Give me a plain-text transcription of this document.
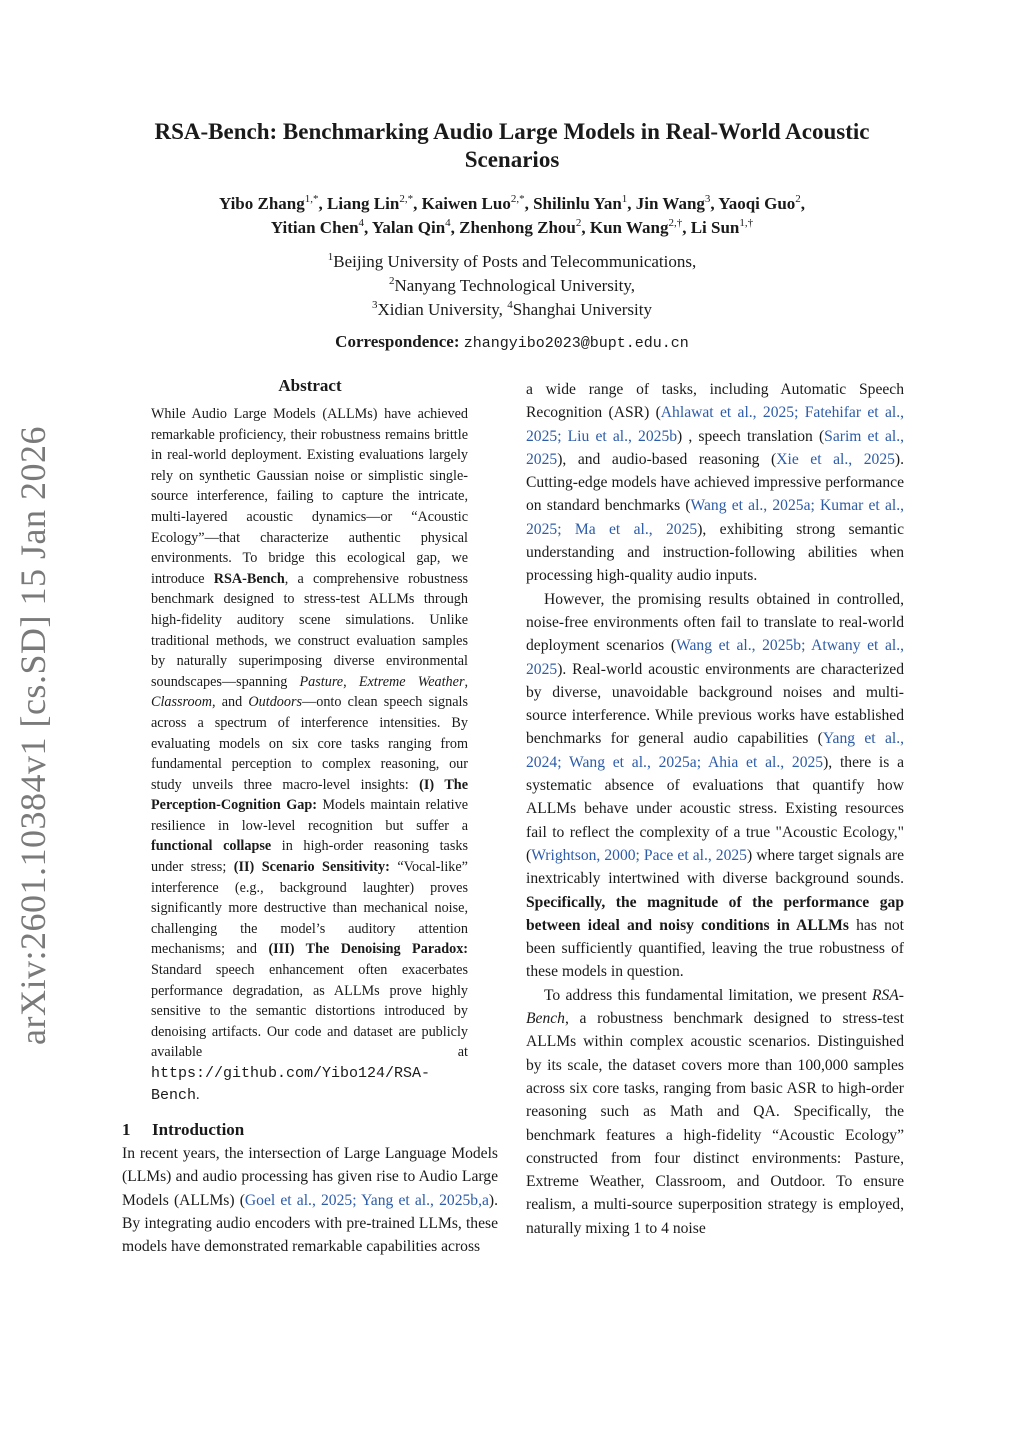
arXiv:2601.10384v1 [cs.SD] 15 Jan 2026
RSA-Bench: Benchmarking Audio Large Models in Real-World Acoustic Scenarios
Yibo Zhang$^{1,*}$, Liang Lin$^{2,*}$, Kaiwen Luo$^{2,*}$, Shilinlu Yan$^1$, Jin Wang$^3$, Yaoqi Guo$^2$,
Yitian Chen$^4$, Yalan Qin$^4$, Zhenhong Zhou$^2$, Kun Wang$^{2,\dagger}$, Li Sun$^{1,\dagger}$
$^1$Beijing University of Posts and Telecommunications,
$^2$Nanyang Technological University,
$^3$Xidian University, $^4$Shanghai University
Correspondence: zhangyibo2023@bupt.edu.cn
Abstract
While Audio Large Models (ALLMs) have achieved remarkable proficiency, their robustness remains brittle in real-world deployment. Existing evaluations largely rely on synthetic Gaussian noise or simplistic single-source interference, failing to capture the intricate, multi-layered acoustic dynamics—or “Acoustic Ecology”—that characterize authentic physical environments. To bridge this ecological gap, we introduce RSA-Bench, a comprehensive robustness benchmark designed to stress-test ALLMs through high-fidelity auditory scene simulations. Unlike traditional methods, we construct evaluation samples by naturally superimposing diverse environmental soundscapes—spanning Pasture, Extreme Weather, Classroom, and Outdoors—onto clean speech signals across a spectrum of interference intensities. By evaluating models on six core tasks ranging from fundamental perception to complex reasoning, our study unveils three macro-level insights: (I) The Perception-Cognition Gap: Models maintain relative resilience in low-level recognition but suffer a functional collapse in high-order reasoning tasks under stress; (II) Scenario Sensitivity: “Vocal-like” interference (e.g., background laughter) proves significantly more destructive than mechanical noise, challenging the model’s auditory attention mechanisms; and (III) The Denoising Paradox: Standard speech enhancement often exacerbates performance degradation, as ALLMs prove highly sensitive to the semantic distortions introduced by denoising artifacts. Our code and dataset are publicly available at https://github.com/Yibo124/RSA-Bench.
1 Introduction

In recent years, the intersection of Large Language Models (LLMs) and audio processing has given rise to Audio Large Models (ALLMs) (Goel et al., 2025; Yang et al., 2025b,a). By integrating audio encoders with pre-trained LLMs, these models have demonstrated remarkable capabilities across

a wide range of tasks, including Automatic Speech Recognition (ASR) (Ahlawat et al., 2025; Fatehifar et al., 2025; Liu et al., 2025b) , speech translation (Sarim et al., 2025), and audio-based reasoning (Xie et al., 2025). Cutting-edge models have achieved impressive performance on standard benchmarks (Wang et al., 2025a; Kumar et al., 2025; Ma et al., 2025), exhibiting strong semantic understanding and instruction-following abilities when processing high-quality audio inputs.

However, the promising results obtained in controlled, noise-free environments often fail to translate to real-world deployment scenarios (Wang et al., 2025b; Atwany et al., 2025). Real-world acoustic environments are characterized by diverse, unavoidable background noises and multi-source interference. While previous works have established benchmarks for general audio capabilities (Yang et al., 2024; Wang et al., 2025a; Ahia et al., 2025), there is a systematic absence of evaluations that quantify how ALLMs behave under acoustic stress. Existing resources fail to reflect the complexity of a true "Acoustic Ecology," (Wrightson, 2000; Pace et al., 2025) where target signals are inextricably intertwined with diverse background sounds. Specifically, the magnitude of the performance gap between ideal and noisy conditions in ALLMs has not been sufficiently quantified, leaving the true robustness of these models in question.

To address this fundamental limitation, we present RSA-Bench, a robustness benchmark designed to stress-test ALLMs within complex acoustic scenarios. Distinguished by its scale, the dataset covers more than 100,000 samples across six core tasks, ranging from basic ASR to high-order reasoning such as Math and QA. Specifically, the benchmark features a high-fidelity “Acoustic Ecology” constructed from four distinct environments: Pasture, Extreme Weather, Classroom, and Outdoor. To ensure realism, a multi-source superposition strategy is employed, naturally mixing 1 to 4 noise
